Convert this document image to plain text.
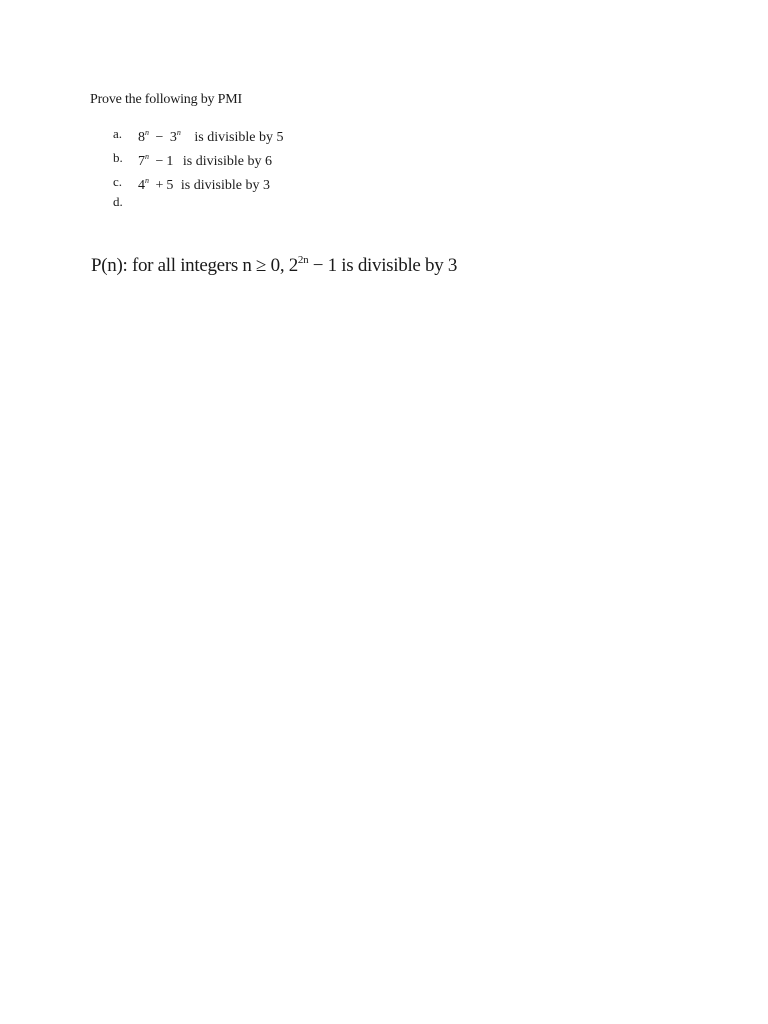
Prove the following by PMI
a.	$8^n - 3^n$ is divisible by 5
b.	$7^n - 1$ is divisible by 6
c.	$4^n + 5$ is divisible by 3
d.
P(n): for all integers n ≥ 0, $2^{2n} - 1$ is divisible by 3
